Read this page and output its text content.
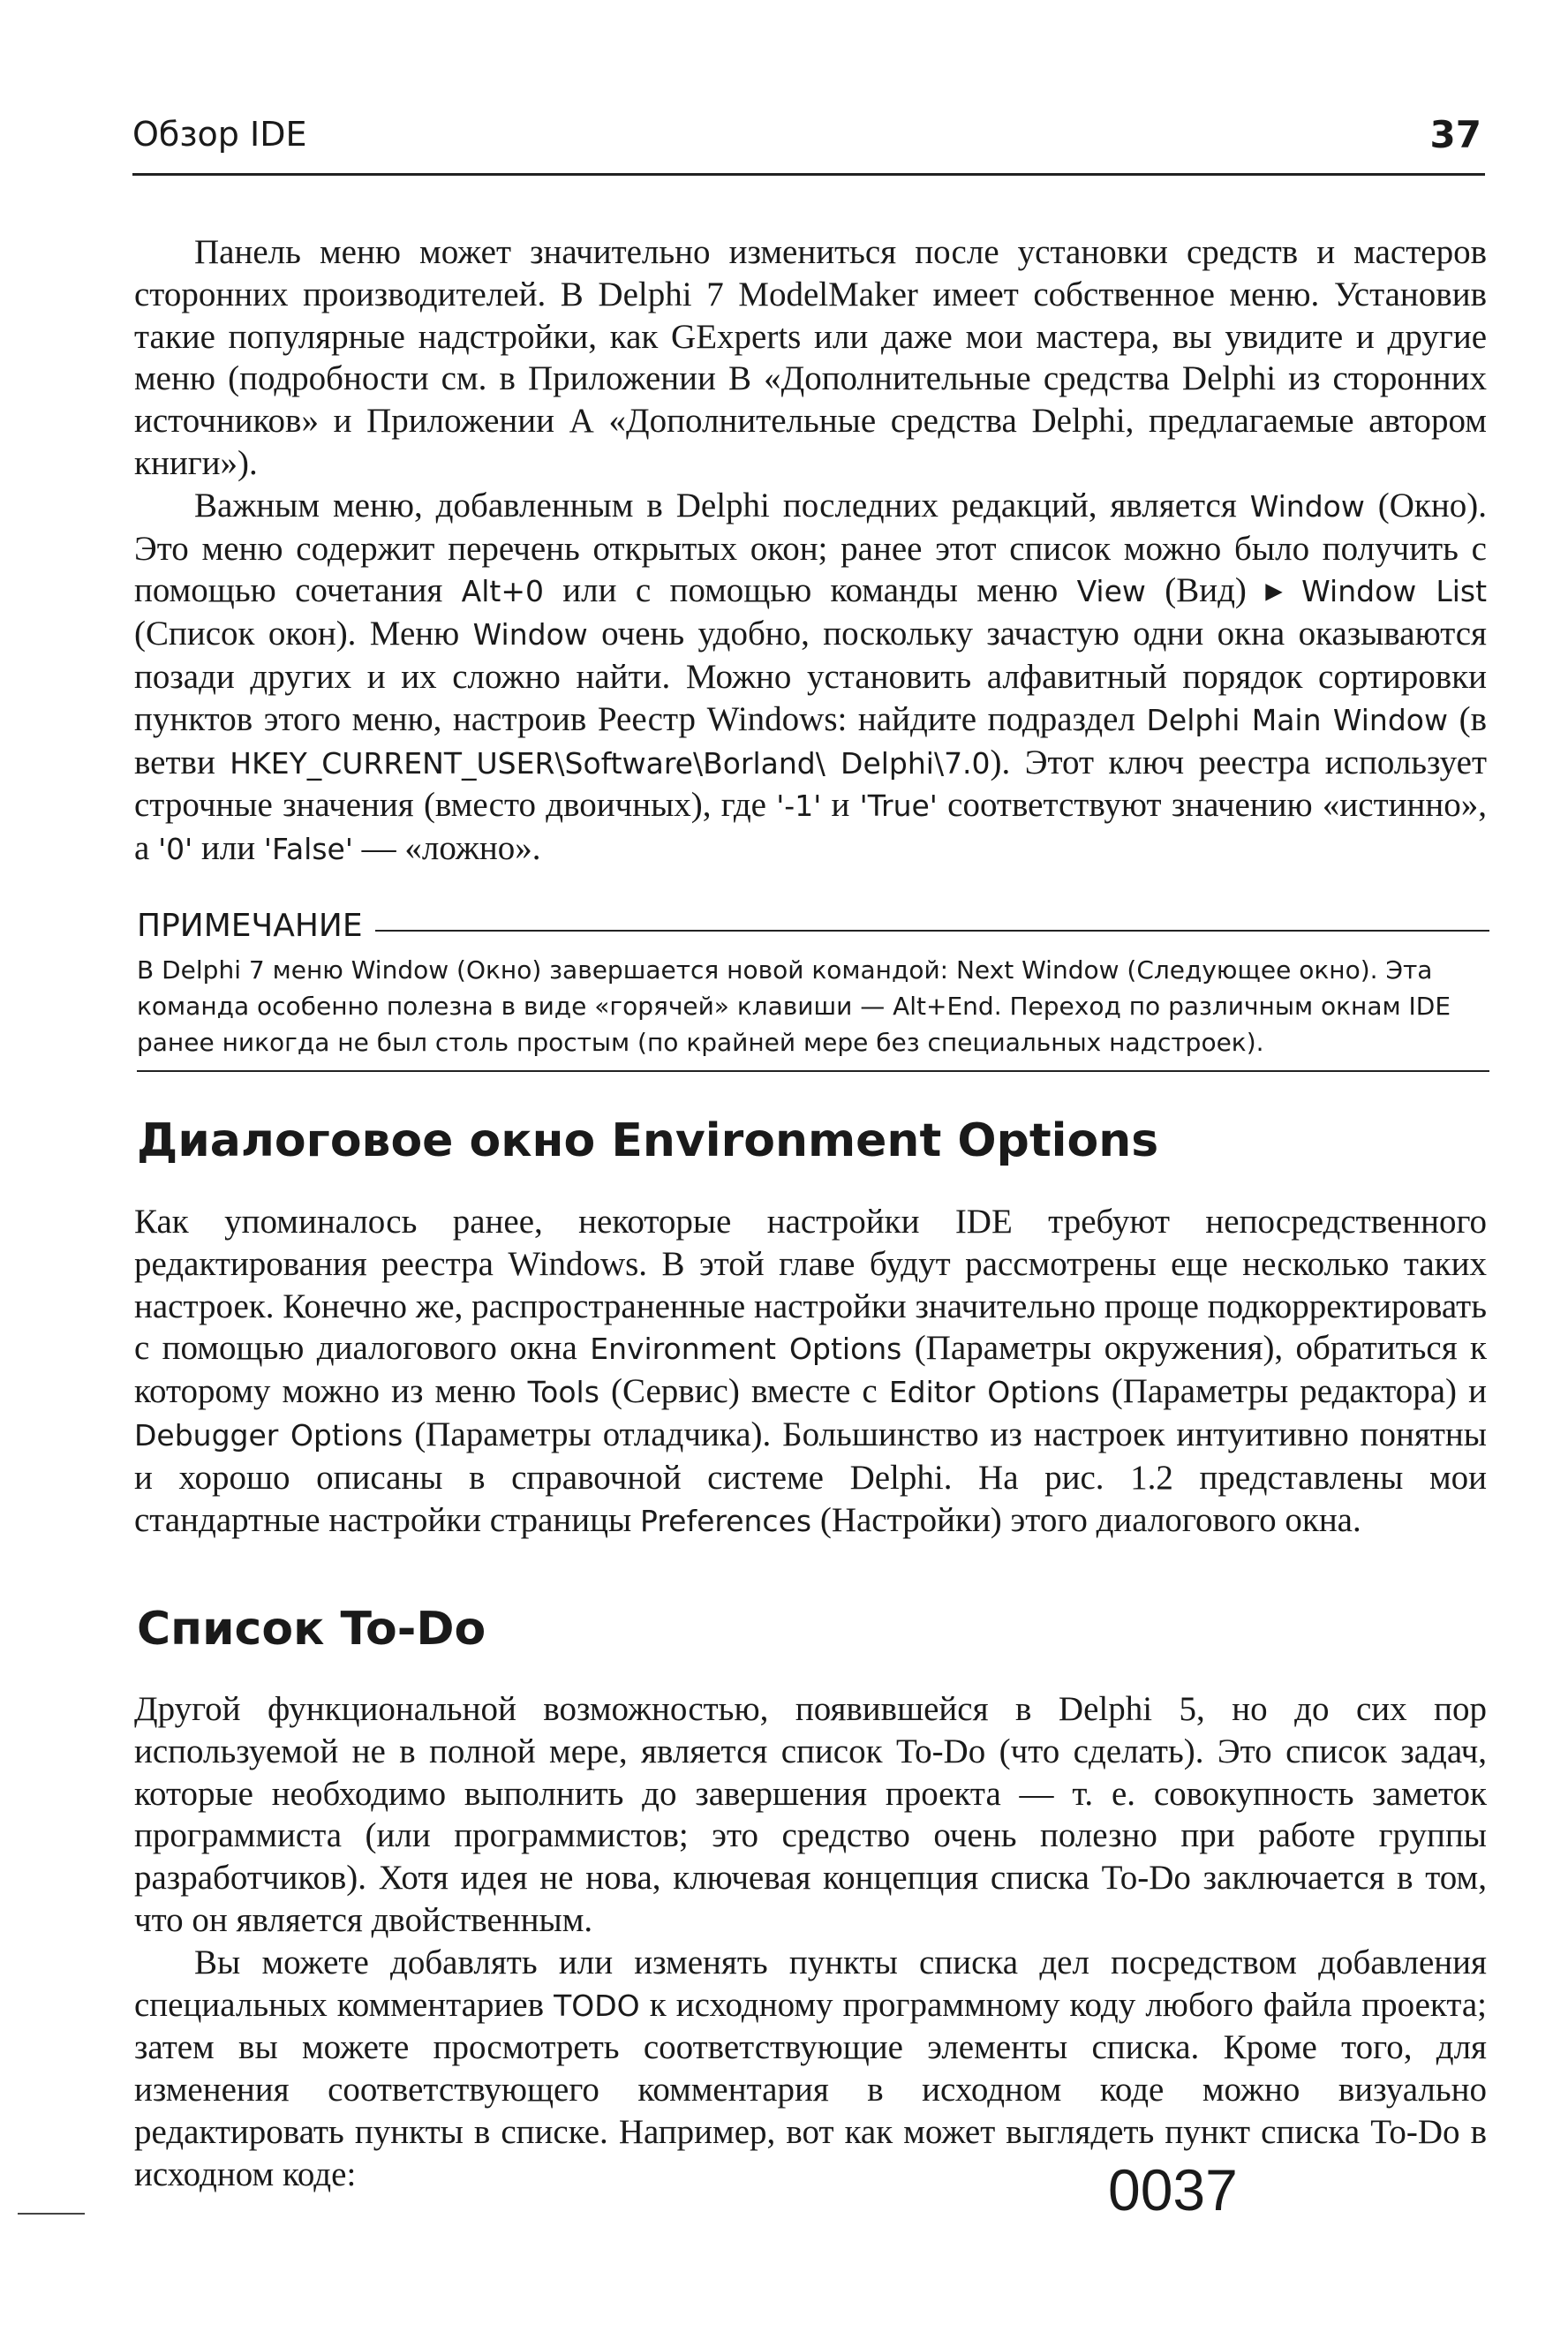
Обзор IDE	37

Панель меню может значительно измениться после установки средств и мастеров сторонних производителей. В Delphi 7 ModelMaker имеет собственное меню. Установив такие популярные надстройки, как GExperts или даже мои мастера, вы увидите и другие меню (подробности см. в Приложении В «Дополнительные средства Delphi из сторонних источников» и Приложении А «Дополнительные средства Delphi, предлагаемые автором книги»).

Важным меню, добавленным в Delphi последних редакций, является Window (Окно). Это меню содержит перечень открытых окон; ранее этот список можно было получить с помощью сочетания Alt+0 или с помощью команды меню View (Вид) ▸ Window List (Список окон). Меню Window очень удобно, поскольку зачастую одни окна оказываются позади других и их сложно найти. Можно установить алфавитный порядок сортировки пунктов этого меню, настроив Реестр Windows: найдите подраздел Delphi Main Window (в ветви HKEY_CURRENT_USER\Software\Borland\ Delphi\7.0). Этот ключ реестра использует строчные значения (вместо двоичных), где '-1' и 'True' соответствуют значению «истинно», а '0' или 'False' — «ложно».

ПРИМЕЧАНИЕ

В Delphi 7 меню Window (Окно) завершается новой командой: Next Window (Следующее окно). Эта команда особенно полезна в виде «горячей» клавиши — Alt+End. Переход по различным окнам IDE ранее никогда не был столь простым (по крайней мере без специальных надстроек).

Диалоговое окно Environment Options

Как упоминалось ранее, некоторые настройки IDE требуют непосредственного редактирования реестра Windows. В этой главе будут рассмотрены еще несколько таких настроек. Конечно же, распространенные настройки значительно проще подкорректировать с помощью диалогового окна Environment Options (Параметры окружения), обратиться к которому можно из меню Tools (Сервис) вместе с Editor Options (Параметры редактора) и Debugger Options (Параметры отладчика). Большинство из настроек интуитивно понятны и хорошо описаны в справочной системе Delphi. На рис. 1.2 представлены мои стандартные настройки страницы Preferences (Настройки) этого диалогового окна.

Список To-Do

Другой функциональной возможностью, появившейся в Delphi 5, но до сих пор используемой не в полной мере, является список To-Do (что сделать). Это список задач, которые необходимо выполнить до завершения проекта — т. е. совокупность заметок программиста (или программистов; это средство очень полезно при работе группы разработчиков). Хотя идея не нова, ключевая концепция списка To-Do заключается в том, что он является двойственным.

Вы можете добавлять или изменять пункты списка дел посредством добавления специальных комментариев TODO к исходному программному коду любого файла проекта; затем вы можете просмотреть соответствующие элементы списка. Кроме того, для изменения соответствующего комментария в исходном коде можно визуально редактировать пункты в списке. Например, вот как может выглядеть пункт списка To-Do в исходном коде:	0037
